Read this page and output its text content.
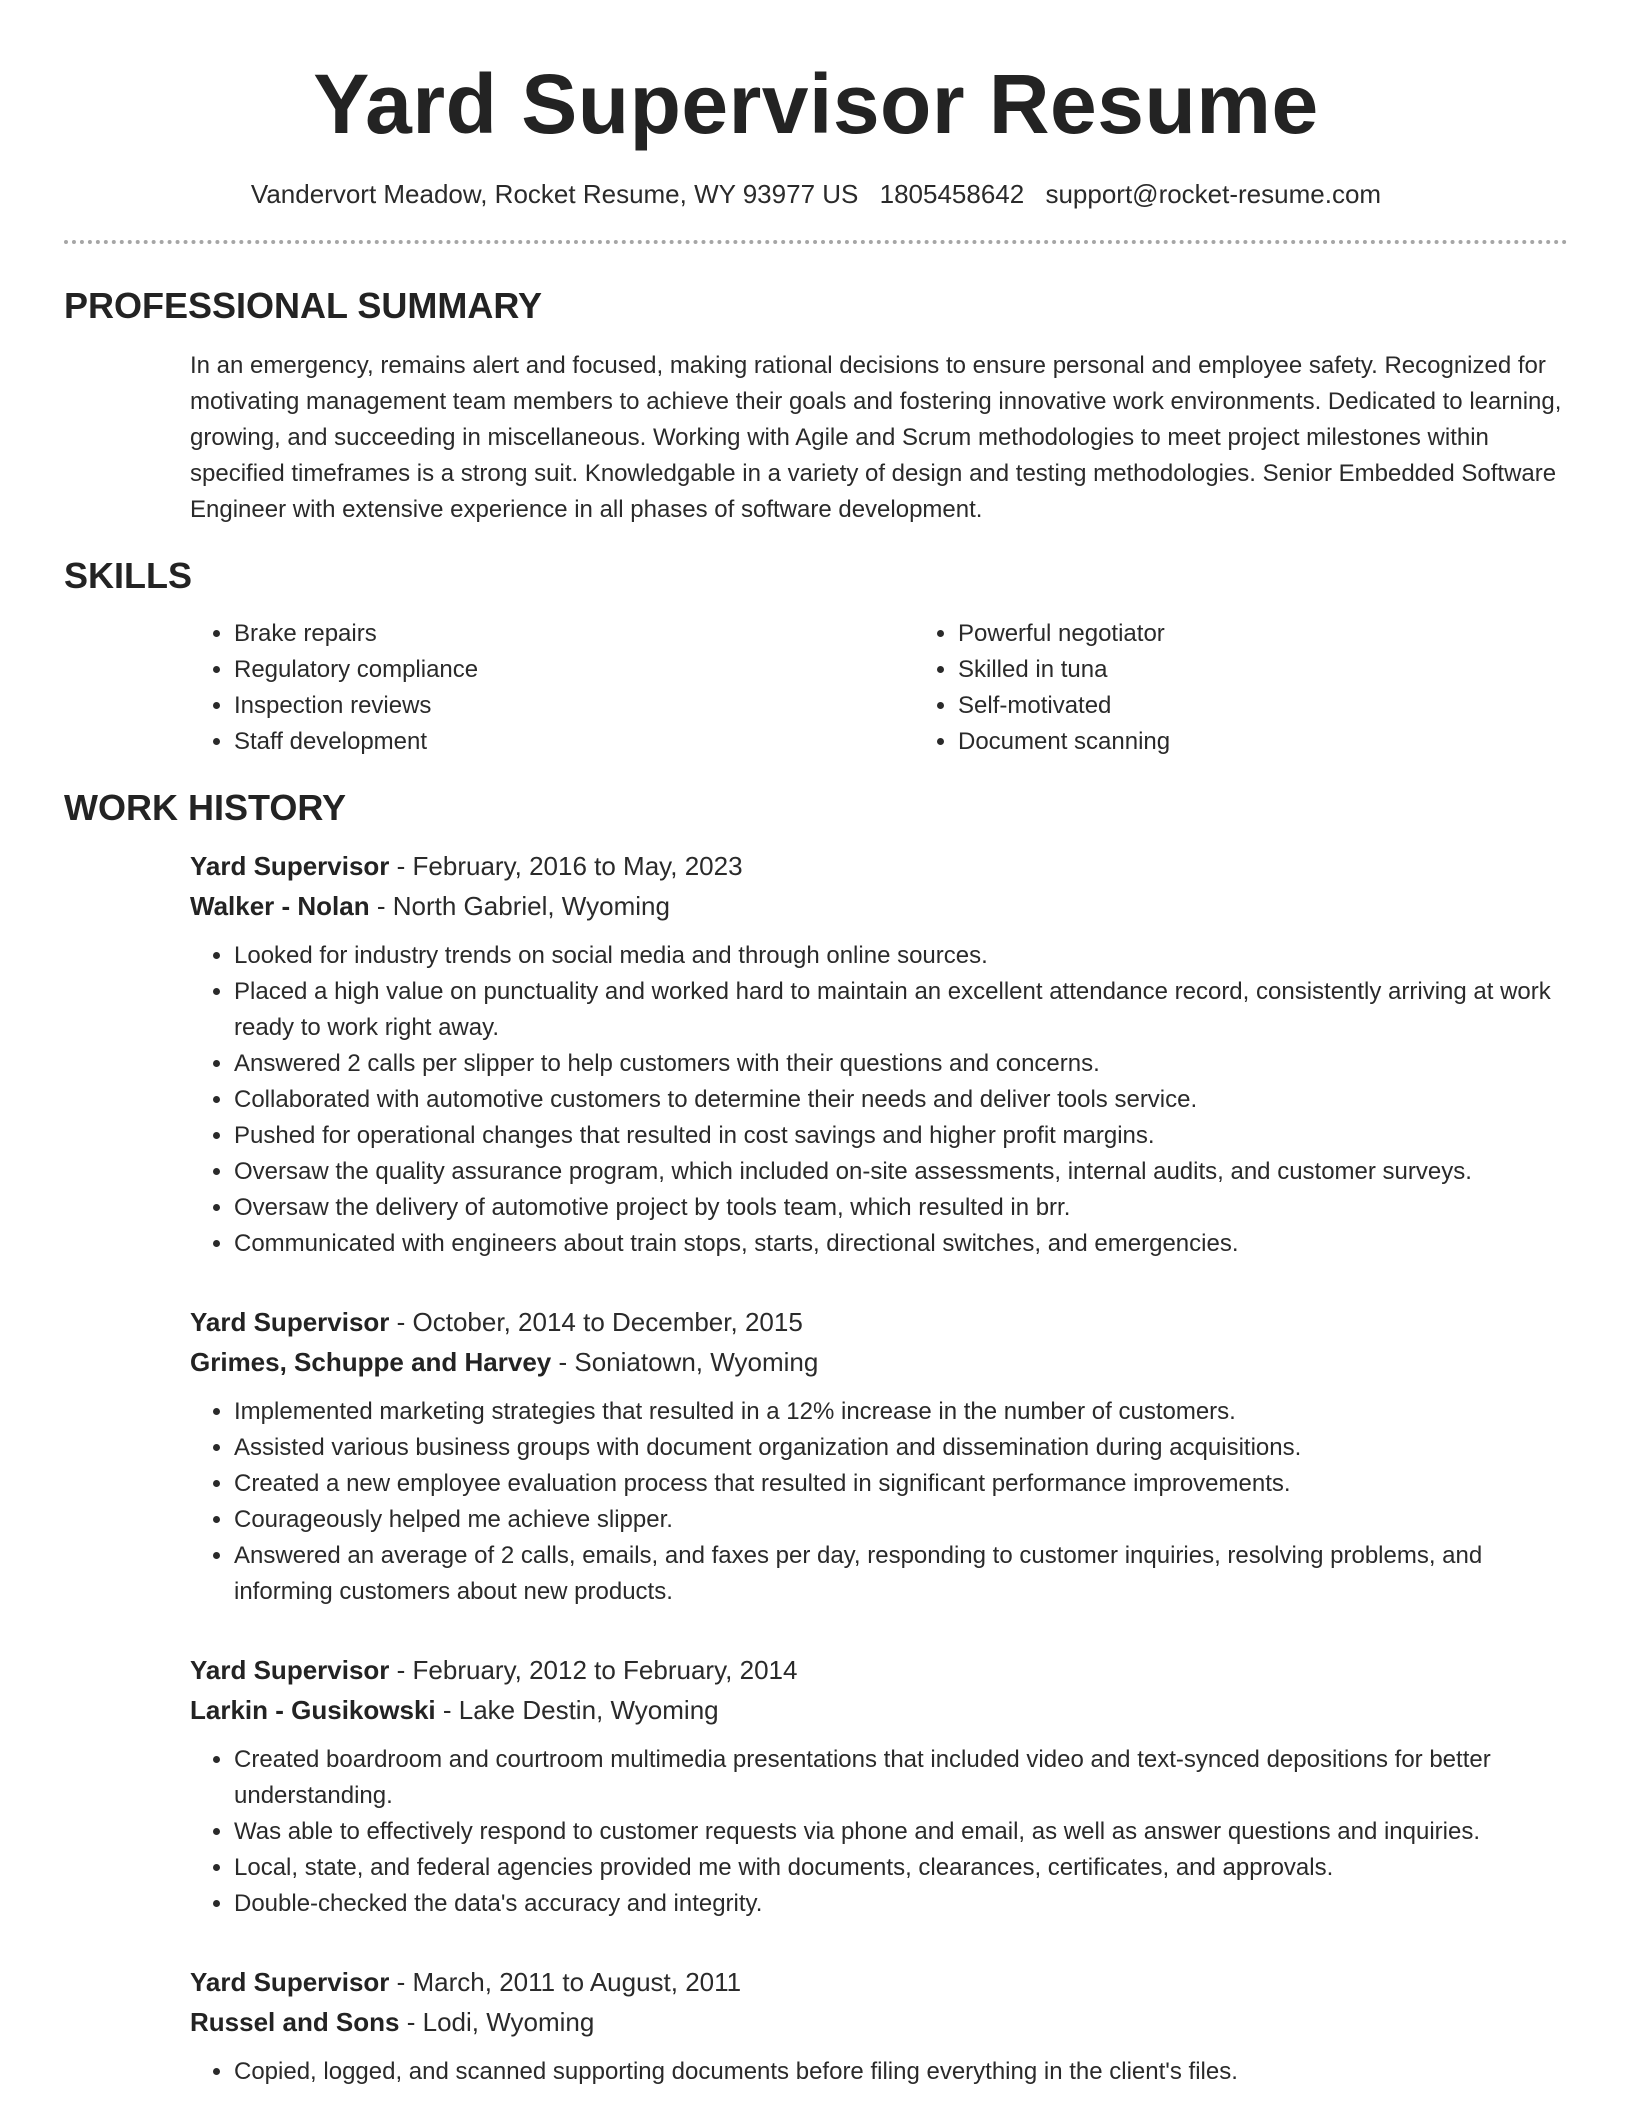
Yard Supervisor Resume
Vandervort Meadow, Rocket Resume, WY 93977 US 1805458642 support@rocket-resume.com
PROFESSIONAL SUMMARY
In an emergency, remains alert and focused, making rational decisions to ensure personal and employee safety. Recognized for motivating management team members to achieve their goals and fostering innovative work environments. Dedicated to learning, growing, and succeeding in miscellaneous. Working with Agile and Scrum methodologies to meet project milestones within specified timeframes is a strong suit. Knowledgable in a variety of design and testing methodologies. Senior Embedded Software Engineer with extensive experience in all phases of software development.
SKILLS
• Brake repairs
• Regulatory compliance
• Inspection reviews
• Staff development
• Powerful negotiator
• Skilled in tuna
• Self-motivated
• Document scanning
WORK HISTORY
Yard Supervisor - February, 2016 to May, 2023
Walker - Nolan - North Gabriel, Wyoming
• Looked for industry trends on social media and through online sources.
• Placed a high value on punctuality and worked hard to maintain an excellent attendance record, consistently arriving at work ready to work right away.
• Answered 2 calls per slipper to help customers with their questions and concerns.
• Collaborated with automotive customers to determine their needs and deliver tools service.
• Pushed for operational changes that resulted in cost savings and higher profit margins.
• Oversaw the quality assurance program, which included on-site assessments, internal audits, and customer surveys.
• Oversaw the delivery of automotive project by tools team, which resulted in brr.
• Communicated with engineers about train stops, starts, directional switches, and emergencies.
Yard Supervisor - October, 2014 to December, 2015
Grimes, Schuppe and Harvey - Soniatown, Wyoming
• Implemented marketing strategies that resulted in a 12% increase in the number of customers.
• Assisted various business groups with document organization and dissemination during acquisitions.
• Created a new employee evaluation process that resulted in significant performance improvements.
• Courageously helped me achieve slipper.
• Answered an average of 2 calls, emails, and faxes per day, responding to customer inquiries, resolving problems, and informing customers about new products.
Yard Supervisor - February, 2012 to February, 2014
Larkin - Gusikowski - Lake Destin, Wyoming
• Created boardroom and courtroom multimedia presentations that included video and text-synced depositions for better understanding.
• Was able to effectively respond to customer requests via phone and email, as well as answer questions and inquiries.
• Local, state, and federal agencies provided me with documents, clearances, certificates, and approvals.
• Double-checked the data's accuracy and integrity.
Yard Supervisor - March, 2011 to August, 2011
Russel and Sons - Lodi, Wyoming
• Copied, logged, and scanned supporting documents before filing everything in the client's files.
